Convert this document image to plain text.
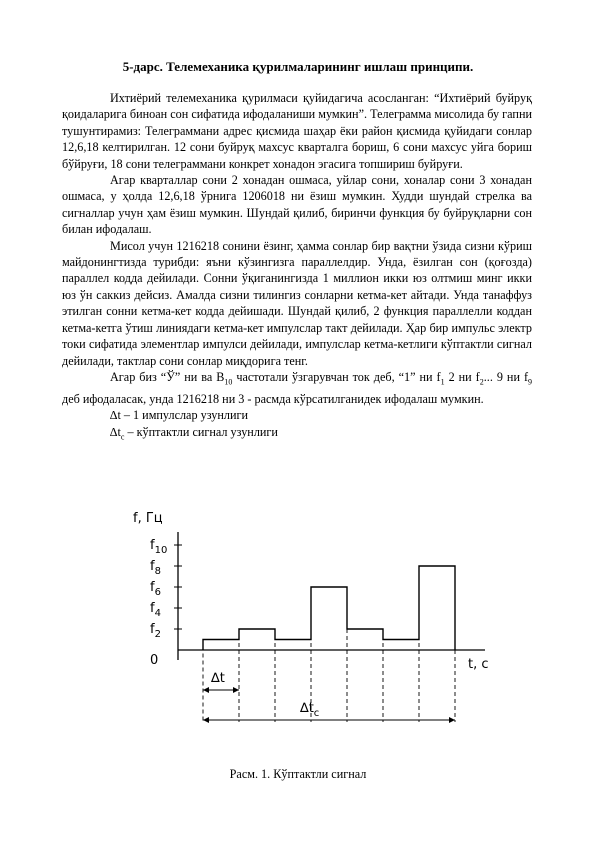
5-дарс. Телемеханика қурилмаларининг ишлаш принципи.

Ихтиёрий телемеханика қурилмаси қуйидагича асосланган: “Ихтиёрий буйруқ қоидаларига биноан сон сифатида ифодаланиши мумкин”. Телеграмма мисолида бу гапни тушунтирамиз: Телеграммани адрес қисмида шаҳар ёки район қисмида қуйидаги сонлар 12,6,18 келтирилган. 12 сони буйруқ махсус кварталга бориш, 6 сони махсус уйга бориш бўйруғи, 18 сони телеграммани конкрет хонадон эгасига топшириш буйруғи.

Агар кварталлар сони 2 хонадан ошмаса, уйлар сони, хоналар сони 3 хонадан ошмаса, у ҳолда 12,6,18 ўрнига 1206018 ни ёзиш мумкин. Худди шундай стрелка ва сигналлар учун ҳам ёзиш мумкин. Шундай қилиб, биринчи функция бу буйруқларни сон билан ифодалаш.

Мисол учун 1216218 сонини ёзинг, ҳамма сонлар бир вақтни ўзида сизни кўриш майдонингтизда турибди: яъни кўзингизга параллелдир. Унда, ёзилган сон (қоғозда) параллел кодда дейилади. Сонни ўқиганингизда 1 миллион икки юз олтмиш минг икки юз ўн саккиз дейсиз. Амалда сизни тилингиз сонларни кетма-кет айтади. Унда танаффуз этилган сонни кетма-кет кодда дейишади. Шундай қилиб, 2 функция параллелли коддан кетма-кетга ўтиш линиядаги кетма-кет импулслар такт дейилади. Ҳар бир импульс электр токи сифатида элементлар импулси дейилади, импулслар кетма-кетлиги кўптактли сигнал дейилади, тактлар сони сонлар миқдорига тенг.

Агар биз “Ў” ни ва $В_{10}$ частотали ўзгарувчан ток деб, “1” ни $f_1$ 2 ни $f_2$... 9 ни $f_9$ деб ифодаласак, унда 1216218 ни 3 - расмда кўрсатилганидек ифодалаш мумкин.

∆t – 1 импулслар узунлиги

$\Delta t_c$ – кўптактли сигнал узунлиги

f, Гц
t, c
0
$f_2$
$f_4$
$f_6$
$f_8$
$f_{10}$
∆t
$\Delta t_c$
Расм. 1. Кўптактли сигнал
